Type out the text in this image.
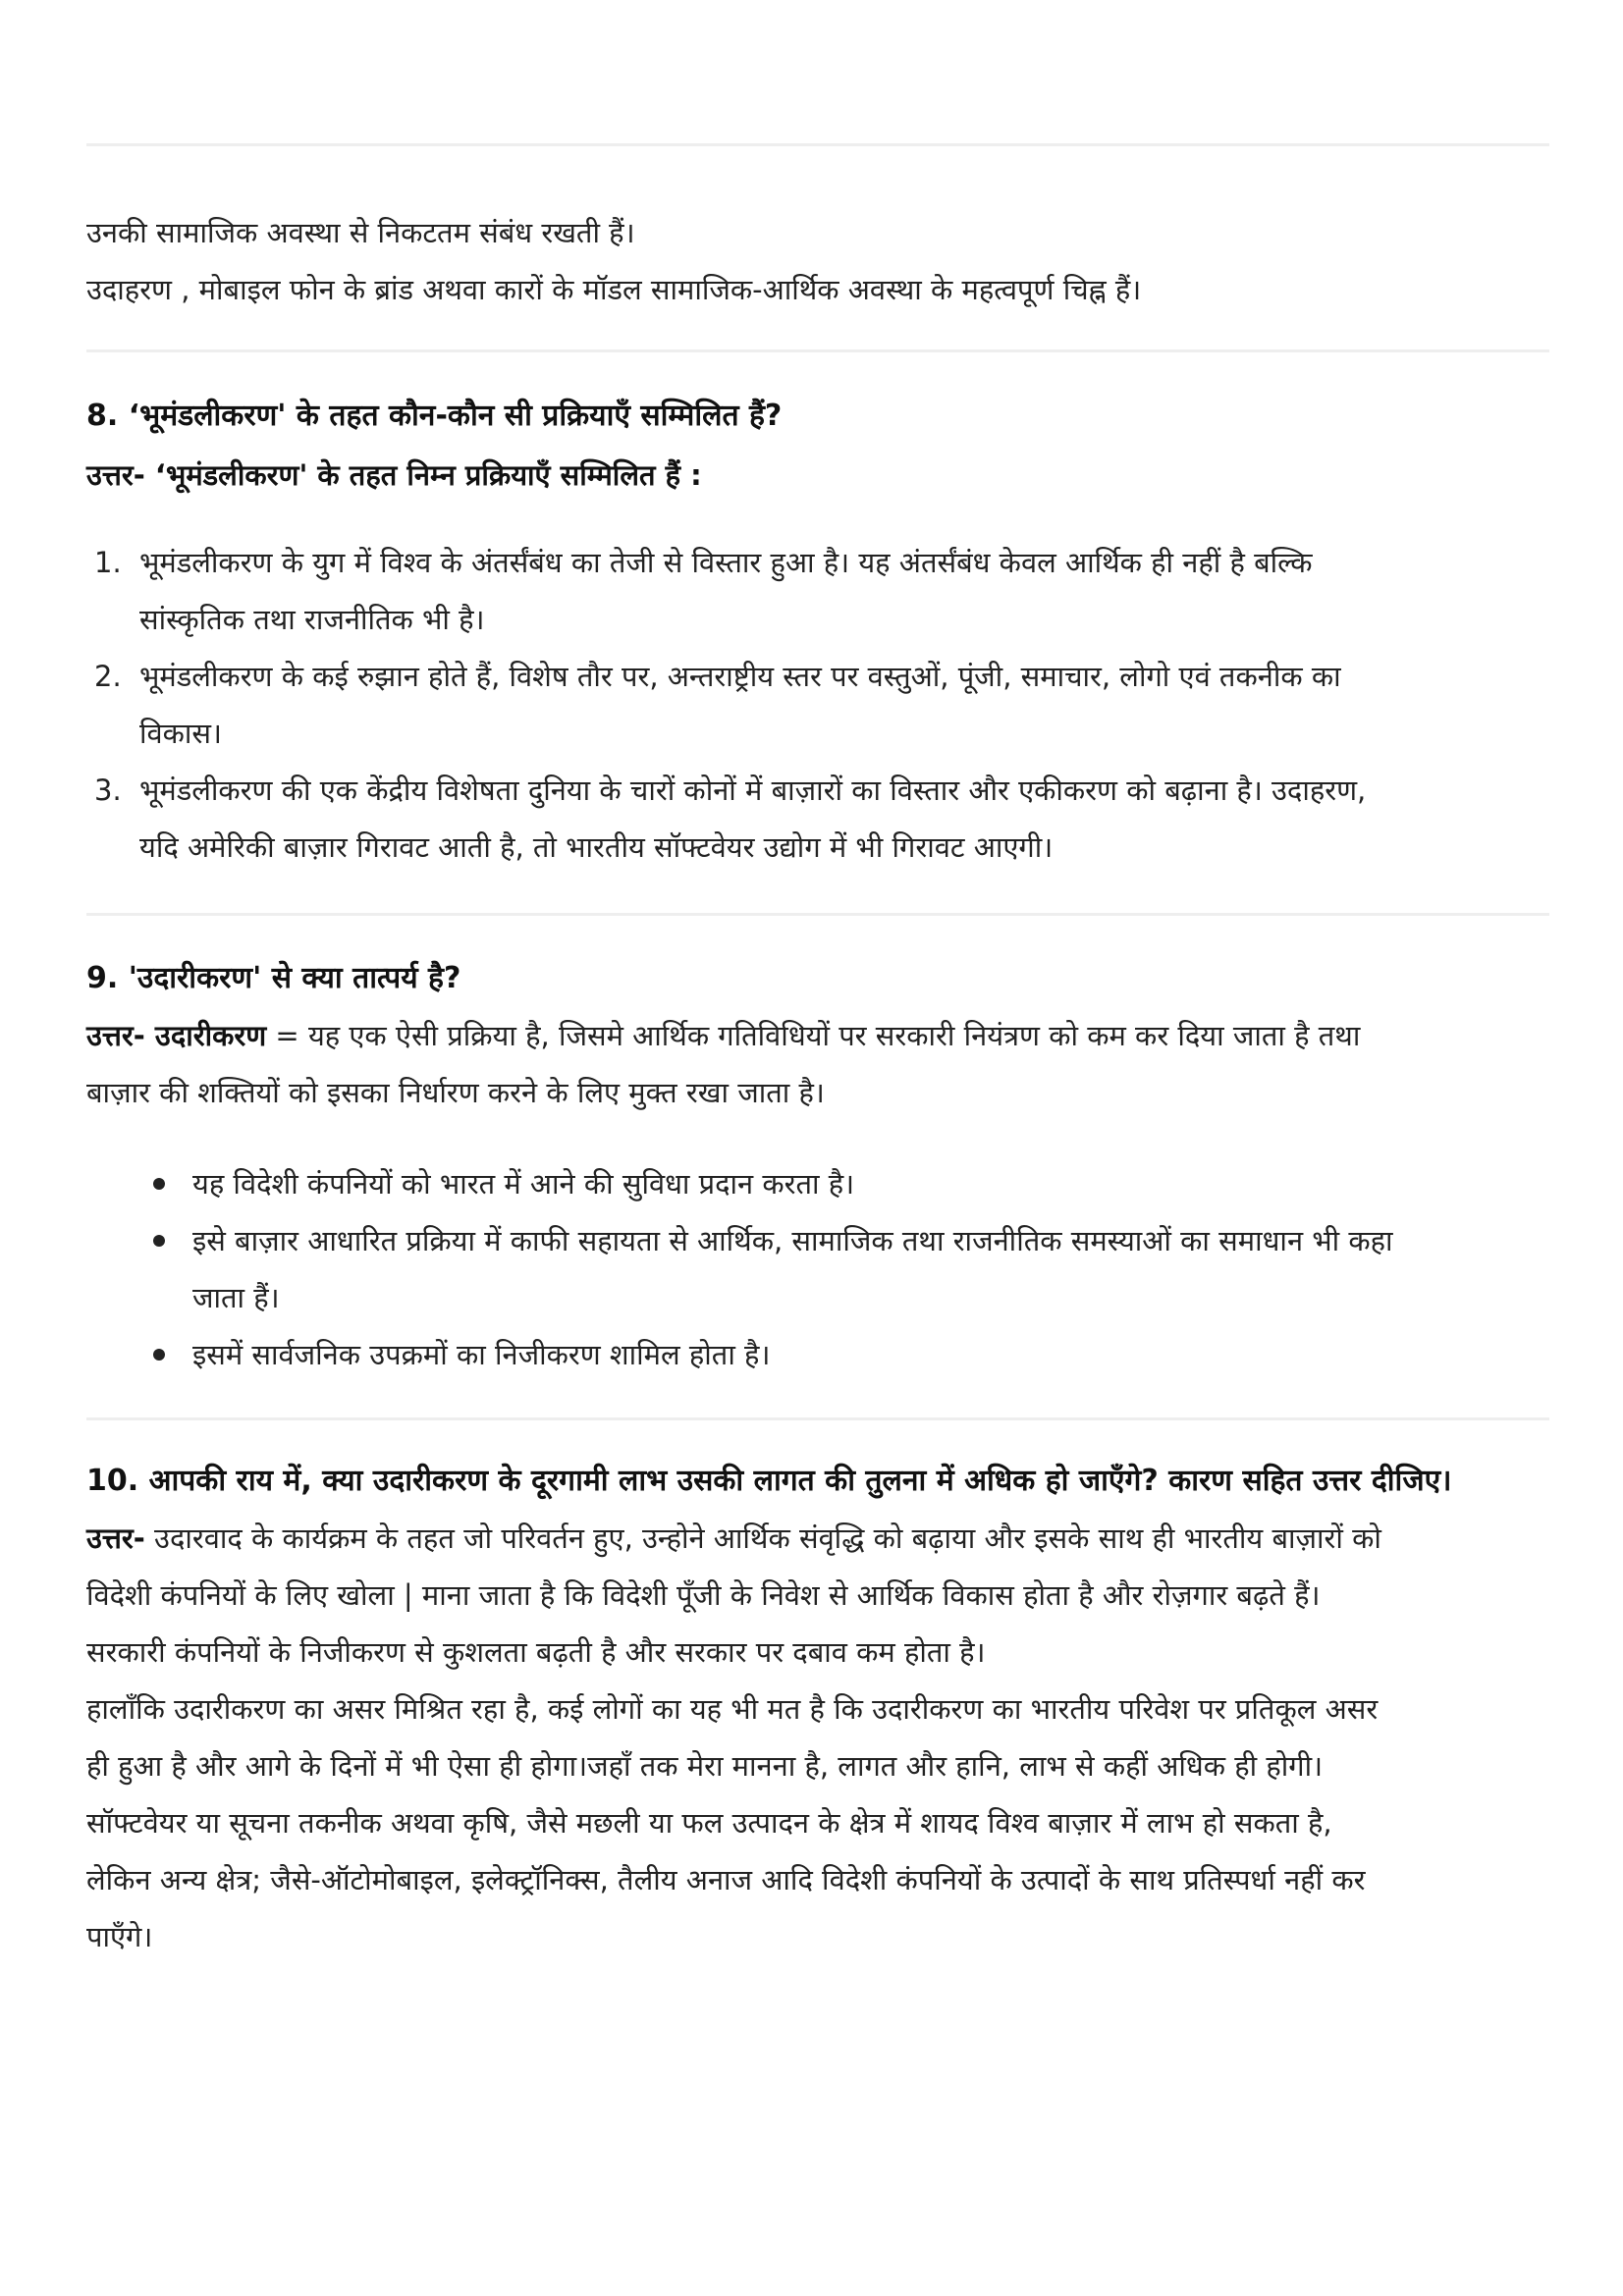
उनकी सामाजिक अवस्था से निकटतम संबंध रखती हैं।
उदाहरण , मोबाइल फोन के ब्रांड अथवा कारों के मॉडल सामाजिक-आर्थिक अवस्था के महत्वपूर्ण चिह्न हैं।
8. ‘भूमंडलीकरण' के तहत कौन-कौन सी प्रक्रियाएँ सम्मिलित हैं?
उत्तर- ‘भूमंडलीकरण' के तहत निम्न प्रक्रियाएँ सम्मिलित हैं :
1. भूमंडलीकरण के युग में विश्व के अंतर्संबंध का तेजी से विस्तार हुआ है। यह अंतर्संबंध केवल आर्थिक ही नहीं है बल्कि
सांस्कृतिक तथा राजनीतिक भी है।
2. भूमंडलीकरण के कई रुझान होते हैं, विशेष तौर पर, अन्तराष्ट्रीय स्तर पर वस्तुओं, पूंजी, समाचार, लोगो एवं तकनीक का
विकास।
3. भूमंडलीकरण की एक केंद्रीय विशेषता दुनिया के चारों कोनों में बाज़ारों का विस्तार और एकीकरण को बढ़ाना है। उदाहरण,
यदि अमेरिकी बाज़ार गिरावट आती है, तो भारतीय सॉफ्टवेयर उद्योग में भी गिरावट आएगी।
9. 'उदारीकरण' से क्या तात्पर्य है?
उत्तर- उदारीकरण = यह एक ऐसी प्रक्रिया है, जिसमे आर्थिक गतिविधियों पर सरकारी नियंत्रण को कम कर दिया जाता है तथा
बाज़ार की शक्तियों को इसका निर्धारण करने के लिए मुक्त रखा जाता है।
यह विदेशी कंपनियों को भारत में आने की सुविधा प्रदान करता है।
इसे बाज़ार आधारित प्रक्रिया में काफी सहायता से आर्थिक, सामाजिक तथा राजनीतिक समस्याओं का समाधान भी कहा
जाता हैं।
इसमें सार्वजनिक उपक्रमों का निजीकरण शामिल होता है।
10. आपकी राय में, क्या उदारीकरण के दूरगामी लाभ उसकी लागत की तुलना में अधिक हो जाएँगे? कारण सहित उत्तर दीजिए।
उत्तर- उदारवाद के कार्यक्रम के तहत जो परिवर्तन हुए, उन्होने आर्थिक संवृद्धि को बढ़ाया और इसके साथ ही भारतीय बाज़ारों को
विदेशी कंपनियों के लिए खोला | माना जाता है कि विदेशी पूँजी के निवेश से आर्थिक विकास होता है और रोज़गार बढ़ते हैं।
सरकारी कंपनियों के निजीकरण से कुशलता बढ़ती है और सरकार पर दबाव कम होता है।
हालाँकि उदारीकरण का असर मिश्रित रहा है, कई लोगों का यह भी मत है कि उदारीकरण का भारतीय परिवेश पर प्रतिकूल असर
ही हुआ है और आगे के दिनों में भी ऐसा ही होगा।जहाँ तक मेरा मानना है, लागत और हानि, लाभ से कहीं अधिक ही होगी।
सॉफ्टवेयर या सूचना तकनीक अथवा कृषि, जैसे मछली या फल उत्पादन के क्षेत्र में शायद विश्व बाज़ार में लाभ हो सकता है,
लेकिन अन्य क्षेत्र; जैसे-ऑटोमोबाइल, इलेक्ट्रॉनिक्स, तैलीय अनाज आदि विदेशी कंपनियों के उत्पादों के साथ प्रतिस्पर्धा नहीं कर
पाएँगे।
